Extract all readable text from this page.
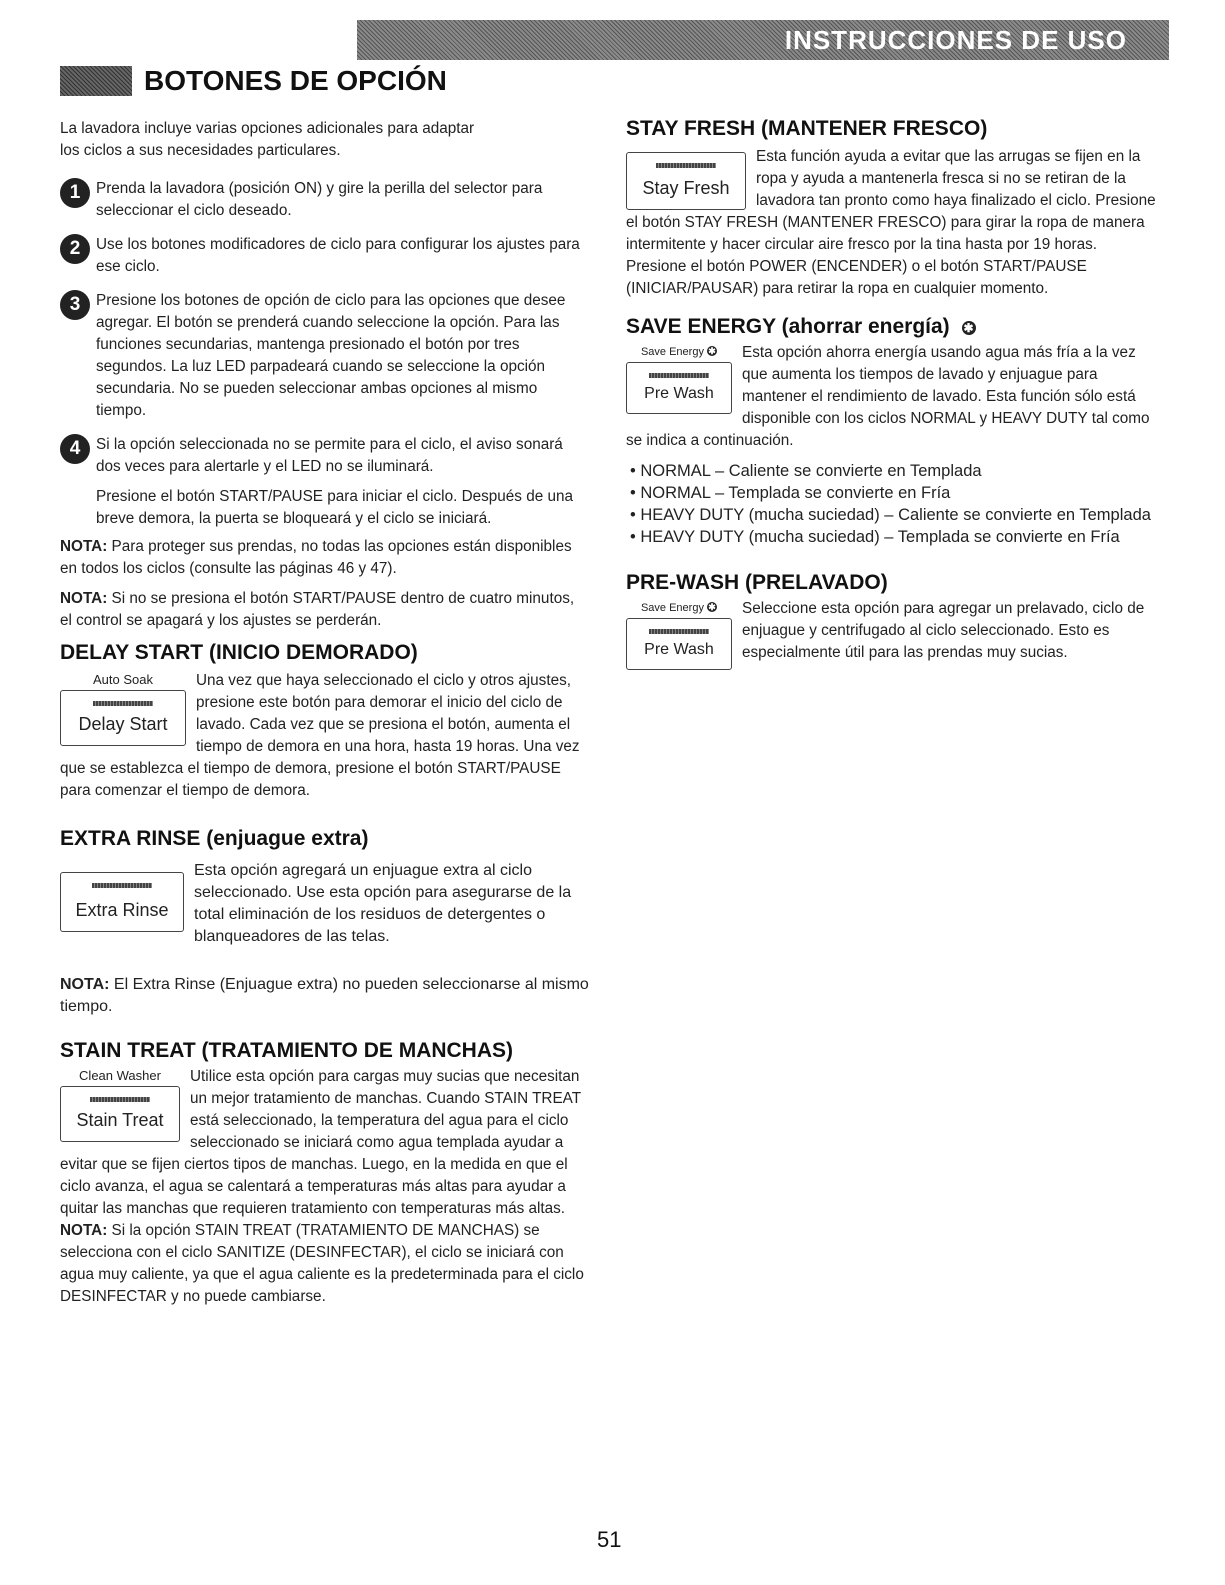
INSTRUCCIONES DE USO
BOTONES DE OPCIÓN

La lavadora incluye varias opciones adicionales para adaptar los ciclos a sus necesidades particulares.

1	Prenda la lavadora (posición ON) y gire la perilla del selector para seleccionar el ciclo deseado.

2	Use los botones modificadores de ciclo para configurar los ajustes para ese ciclo.

3	Presione los botones de opción de ciclo para las opciones que desee agregar. El botón se prenderá cuando seleccione la opción. Para las funciones secundarias, mantenga presionado el botón por tres segundos. La luz LED parpadeará cuando se seleccione la opción secundaria. No se pueden seleccionar ambas opciones al mismo tiempo.

4	Si la opción seleccionada no se permite para el ciclo, el aviso sonará dos veces para alertarle y el LED no se iluminará.

Presione el botón START/PAUSE para iniciar el ciclo. Después de una breve demora, la puerta se bloqueará y el ciclo se iniciará.

NOTA: Para proteger sus prendas, no todas las opciones están disponibles en todos los ciclos (consulte las páginas 46 y 47).

NOTA: Si no se presiona el botón START/PAUSE dentro de cuatro minutos, el control se apagará y los ajustes se perderán.

DELAY START (INICIO DEMORADO)

Auto Soak
Delay Start

Una vez que haya seleccionado el ciclo y otros ajustes, presione este botón para demorar el inicio del ciclo de lavado. Cada vez que se presiona el botón, aumenta el tiempo de demora en una hora, hasta 19 horas. Una vez que se establezca el tiempo de demora, presione el botón START/PAUSE para comenzar el tiempo de demora.

EXTRA RINSE (enjuague extra)

Extra Rinse

Esta opción agregará un enjuague extra al ciclo seleccionado. Use esta opción para asegurarse de la total eliminación de los residuos de detergentes o blanqueadores de las telas.

NOTA: El Extra Rinse (Enjuague extra) no pueden seleccionarse al mismo tiempo.

STAIN TREAT (TRATAMIENTO DE MANCHAS)

Clean Washer
Stain Treat

Utilice esta opción para cargas muy sucias que necesitan un mejor tratamiento de manchas. Cuando STAIN TREAT está seleccionado, la temperatura del agua para el ciclo seleccionado se iniciará como agua templada ayudar a evitar que se fijen ciertos tipos de manchas. Luego, en la medida en que el ciclo avanza, el agua se calentará a temperaturas más altas para ayudar a quitar las manchas que requieren tratamiento con temperaturas más altas.

NOTA: Si la opción STAIN TREAT (TRATAMIENTO DE MANCHAS) se selecciona con el ciclo SANITIZE (DESINFECTAR), el ciclo se iniciará con agua muy caliente, ya que el agua caliente es la predeterminada para el ciclo DESINFECTAR y no puede cambiarse.

STAY FRESH (MANTENER FRESCO)

Stay Fresh

Esta función ayuda a evitar que las arrugas se fijen en la ropa y ayuda a mantenerla fresca si no se retiran de la lavadora tan pronto como haya finalizado el ciclo. Presione el botón STAY FRESH (MANTENER FRESCO) para girar la ropa de manera intermitente y hacer circular aire fresco por la tina hasta por 19 horas. Presione el botón POWER (ENCENDER) o el botón START/PAUSE (INICIAR/PAUSAR) para retirar la ropa en cualquier momento.

SAVE ENERGY (ahorrar energía) ✱

Save Energy ✱
Pre Wash

Esta opción ahorra energía usando agua más fría a la vez que aumenta los tiempos de lavado y enjuague para mantener el rendimiento de lavado. Esta función sólo está disponible con los ciclos NORMAL y HEAVY DUTY tal como se indica a continuación.

• NORMAL – Caliente se convierte en Templada
• NORMAL – Templada se convierte en Fría
• HEAVY DUTY (mucha suciedad) – Caliente se convierte en Templada
• HEAVY DUTY (mucha suciedad) – Templada se convierte en Fría

PRE-WASH (PRELAVADO)

Save Energy ✱
Pre Wash

Seleccione esta opción para agregar un prelavado, ciclo de enjuague y centrifugado al ciclo seleccionado. Esto es especialmente útil para las prendas muy sucias.

51
